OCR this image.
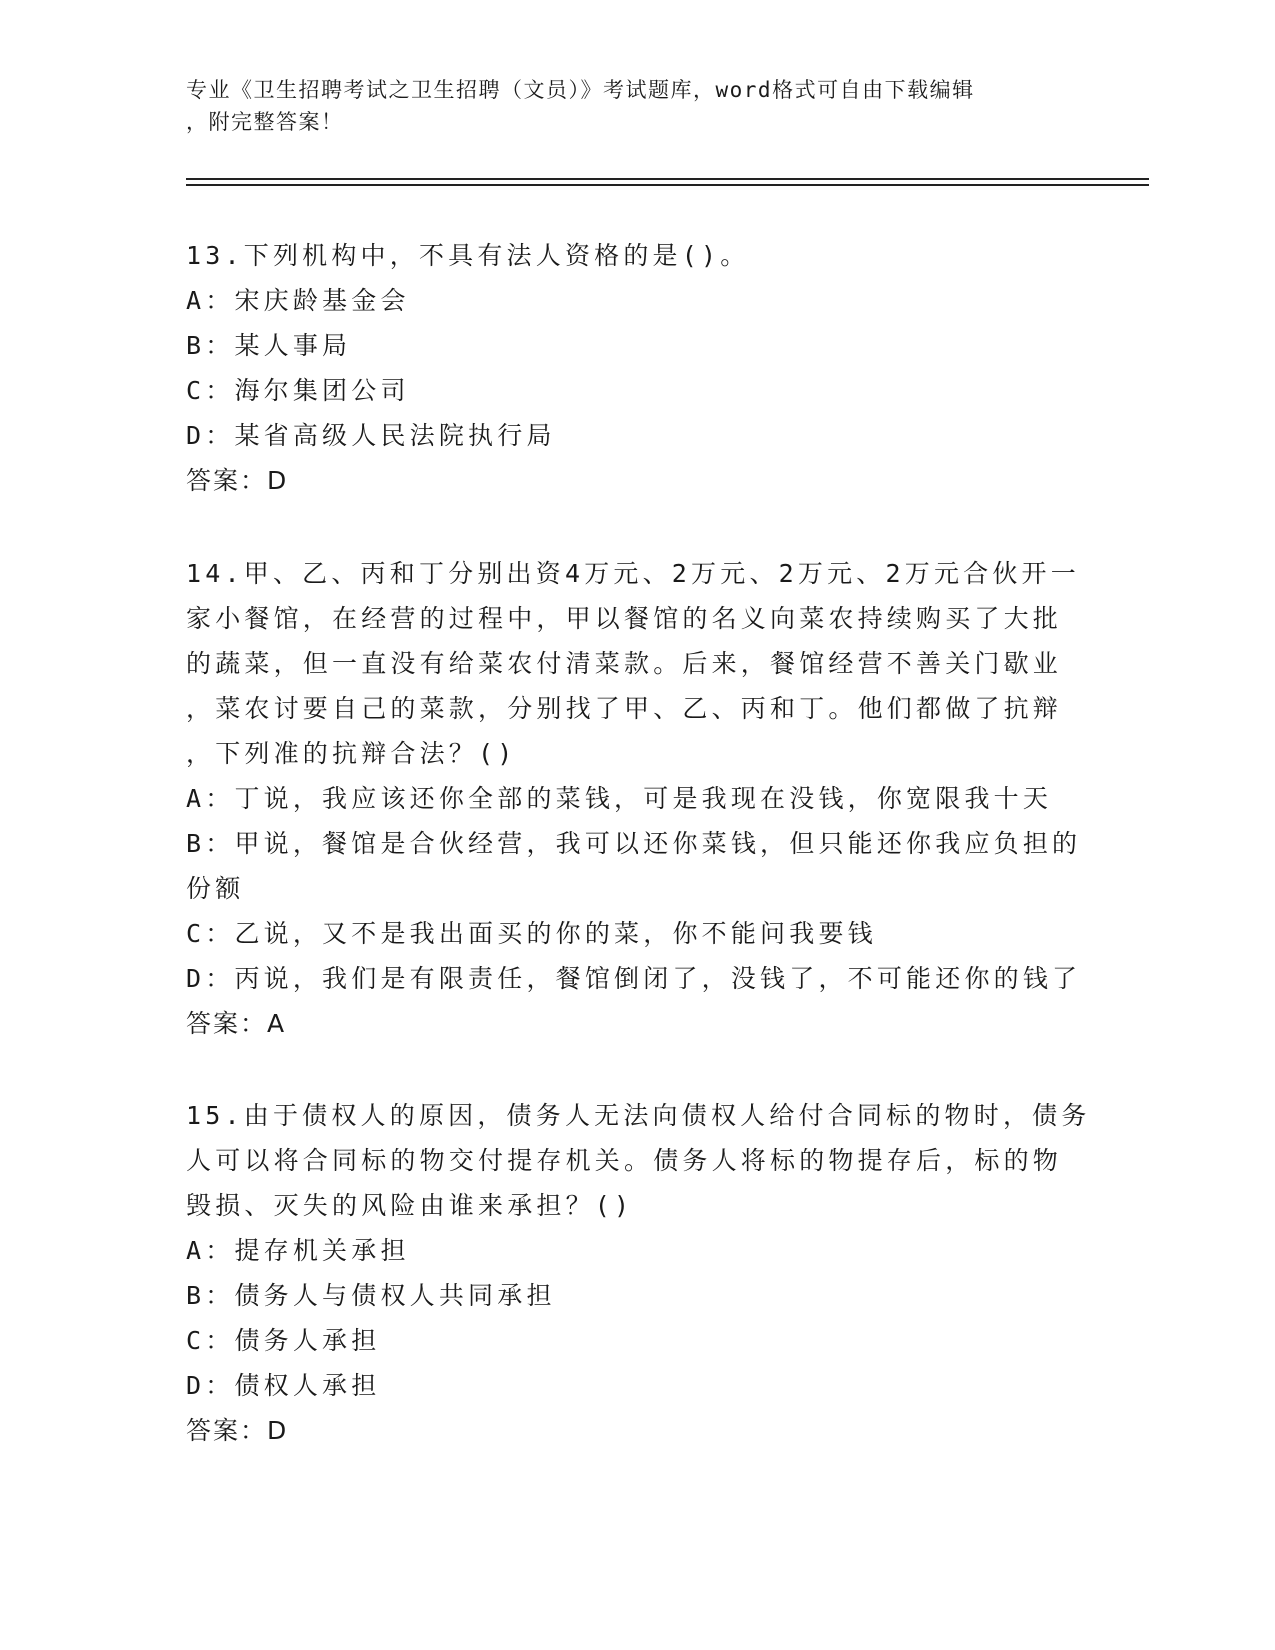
专业《卫生招聘考试之卫生招聘（文员）》考试题库，word格式可自由下载编辑

，附完整答案！

13.下列机构中，不具有法人资格的是()。
A：宋庆龄基金会
B：某人事局
C：海尔集团公司
D：某省高级人民法院执行局
答案：D
14.甲、乙、丙和丁分别出资4万元、2万元、2万元、2万元合伙开一
家小餐馆，在经营的过程中，甲以餐馆的名义向菜农持续购买了大批
的蔬菜，但一直没有给菜农付清菜款。后来，餐馆经营不善关门歇业
，菜农讨要自己的菜款，分别找了甲、乙、丙和丁。他们都做了抗辩
，下列准的抗辩合法？()
A：丁说，我应该还你全部的菜钱，可是我现在没钱，你宽限我十天
B：甲说，餐馆是合伙经营，我可以还你菜钱，但只能还你我应负担的
份额
C：乙说，又不是我出面买的你的菜，你不能问我要钱
D：丙说，我们是有限责任，餐馆倒闭了，没钱了，不可能还你的钱了
答案：A
15.由于债权人的原因，债务人无法向债权人给付合同标的物时，债务
人可以将合同标的物交付提存机关。债务人将标的物提存后，标的物
毁损、灭失的风险由谁来承担？()
A：提存机关承担
B：债务人与债权人共同承担
C：债务人承担
D：债权人承担
答案：D
